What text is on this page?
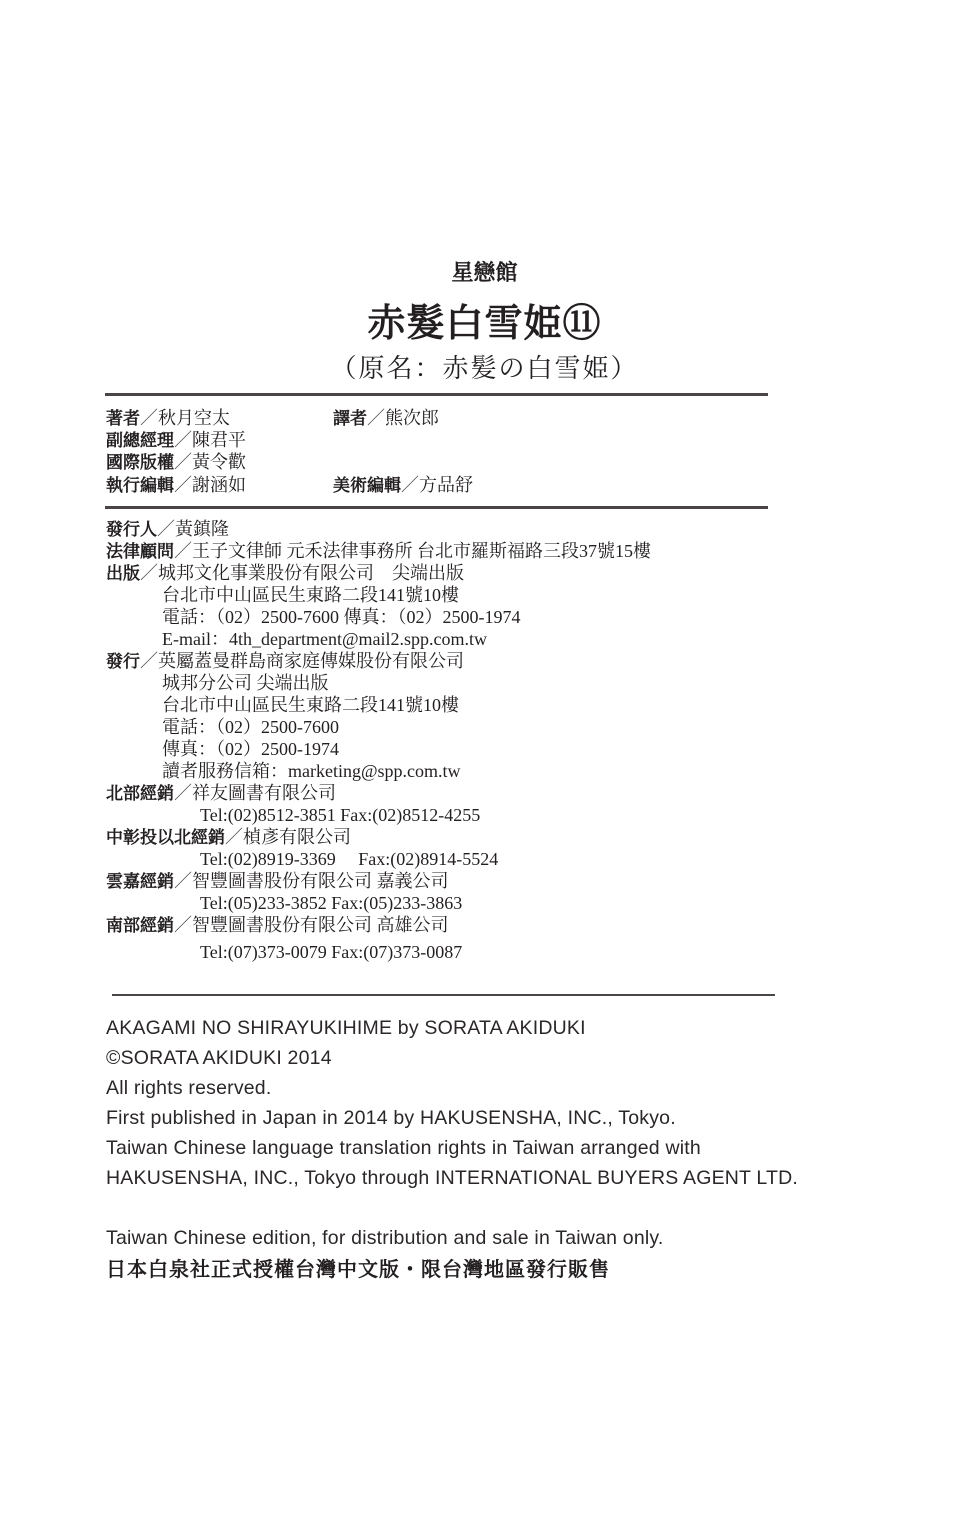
星戀館
赤髮白雪姫⑪
（原名：赤髪の白雪姫）
著者／秋月空太	譯者／熊次郎
副總經理／陳君平
國際版權／黃令歡
執行編輯／謝涵如	美術編輯／方品舒
發行人／黃鎮隆
法律顧問／王子文律師 元禾法律事務所 台北市羅斯福路三段37號15樓
出版／城邦文化事業股份有限公司　尖端出版
台北市中山區民生東路二段141號10樓
電話：（02）2500-7600 傳真：（02）2500-1974
E-mail：4th_department@mail2.spp.com.tw
發行／英屬蓋曼群島商家庭傳媒股份有限公司
城邦分公司 尖端出版
台北市中山區民生東路二段141號10樓
電話：（02）2500-7600
傳真：（02）2500-1974
讀者服務信箱：marketing@spp.com.tw
北部經銷／祥友圖書有限公司
Tel:(02)8512-3851 Fax:(02)8512-4255
中彰投以北經銷／楨彥有限公司
Tel:(02)8919-3369　 Fax:(02)8914-5524
雲嘉經銷／智豐圖書股份有限公司 嘉義公司
Tel:(05)233-3852 Fax:(05)233-3863
南部經銷／智豐圖書股份有限公司 高雄公司
Tel:(07)373-0079 Fax:(07)373-0087
AKAGAMI NO SHIRAYUKIHIME by SORATA AKIDUKI
©SORATA AKIDUKI 2014
All rights reserved.
First published in Japan in 2014 by HAKUSENSHA, INC., Tokyo.
Taiwan Chinese language translation rights in Taiwan arranged with
HAKUSENSHA, INC., Tokyo through INTERNATIONAL BUYERS AGENT LTD.
Taiwan Chinese edition, for distribution and sale in Taiwan only.
日本白泉社正式授權台灣中文版・限台灣地區發行販售
